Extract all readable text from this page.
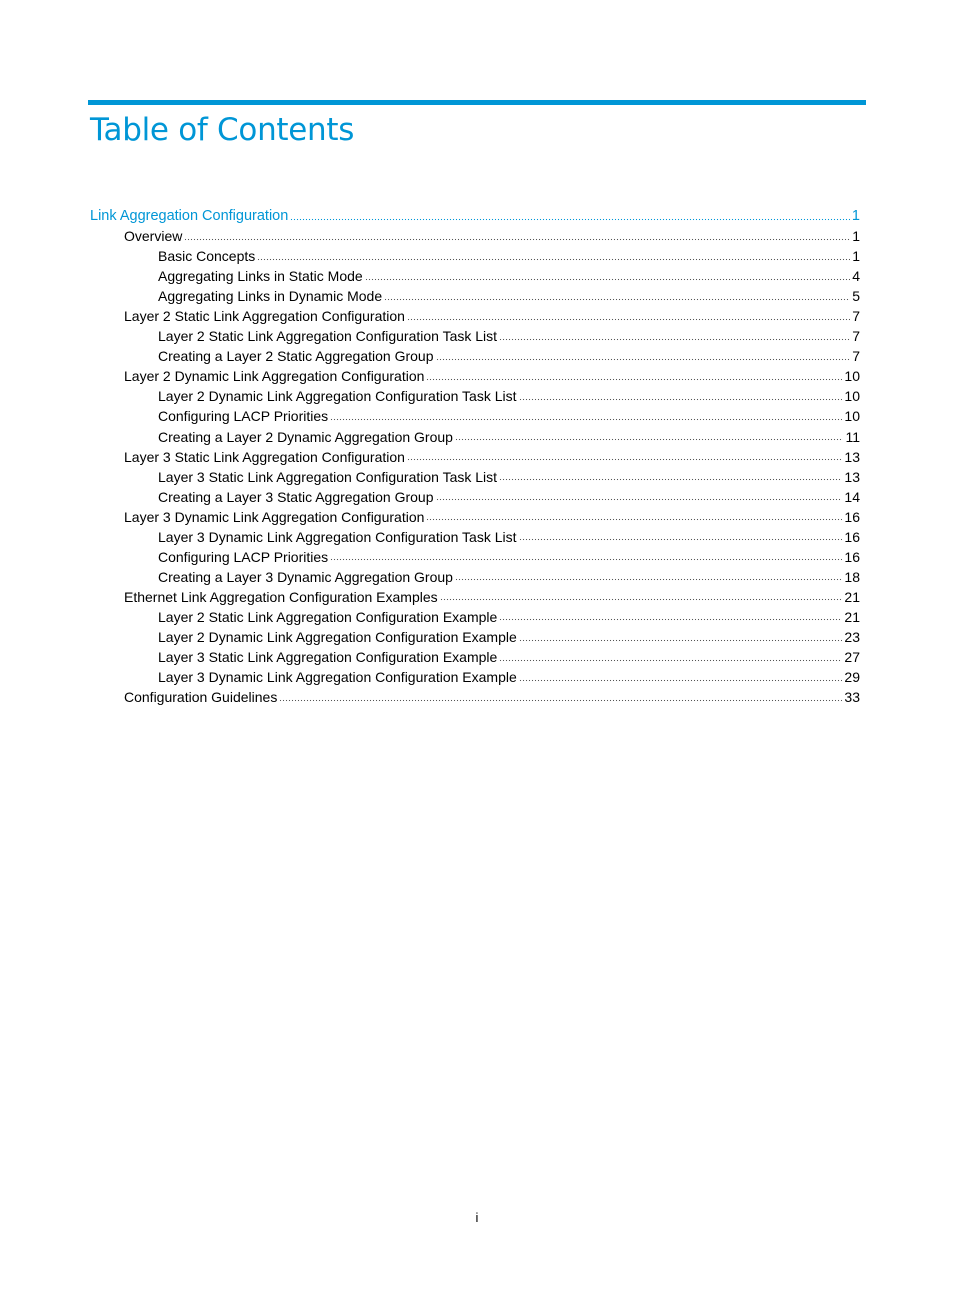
Table of Contents
Link Aggregation Configuration	1
Overview	1
Basic Concepts	1
Aggregating Links in Static Mode	4
Aggregating Links in Dynamic Mode	5
Layer 2 Static Link Aggregation Configuration	7
Layer 2 Static Link Aggregation Configuration Task List	7
Creating a Layer 2 Static Aggregation Group	7
Layer 2 Dynamic Link Aggregation Configuration	10
Layer 2 Dynamic Link Aggregation Configuration Task List	10
Configuring LACP Priorities	10
Creating a Layer 2 Dynamic Aggregation Group	11
Layer 3 Static Link Aggregation Configuration	13
Layer 3 Static Link Aggregation Configuration Task List	13
Creating a Layer 3 Static Aggregation Group	14
Layer 3 Dynamic Link Aggregation Configuration	16
Layer 3 Dynamic Link Aggregation Configuration Task List	16
Configuring LACP Priorities	16
Creating a Layer 3 Dynamic Aggregation Group	18
Ethernet Link Aggregation Configuration Examples	21
Layer 2 Static Link Aggregation Configuration Example	21
Layer 2 Dynamic Link Aggregation Configuration Example	23
Layer 3 Static Link Aggregation Configuration Example	27
Layer 3 Dynamic Link Aggregation Configuration Example	29
Configuration Guidelines	33
i
